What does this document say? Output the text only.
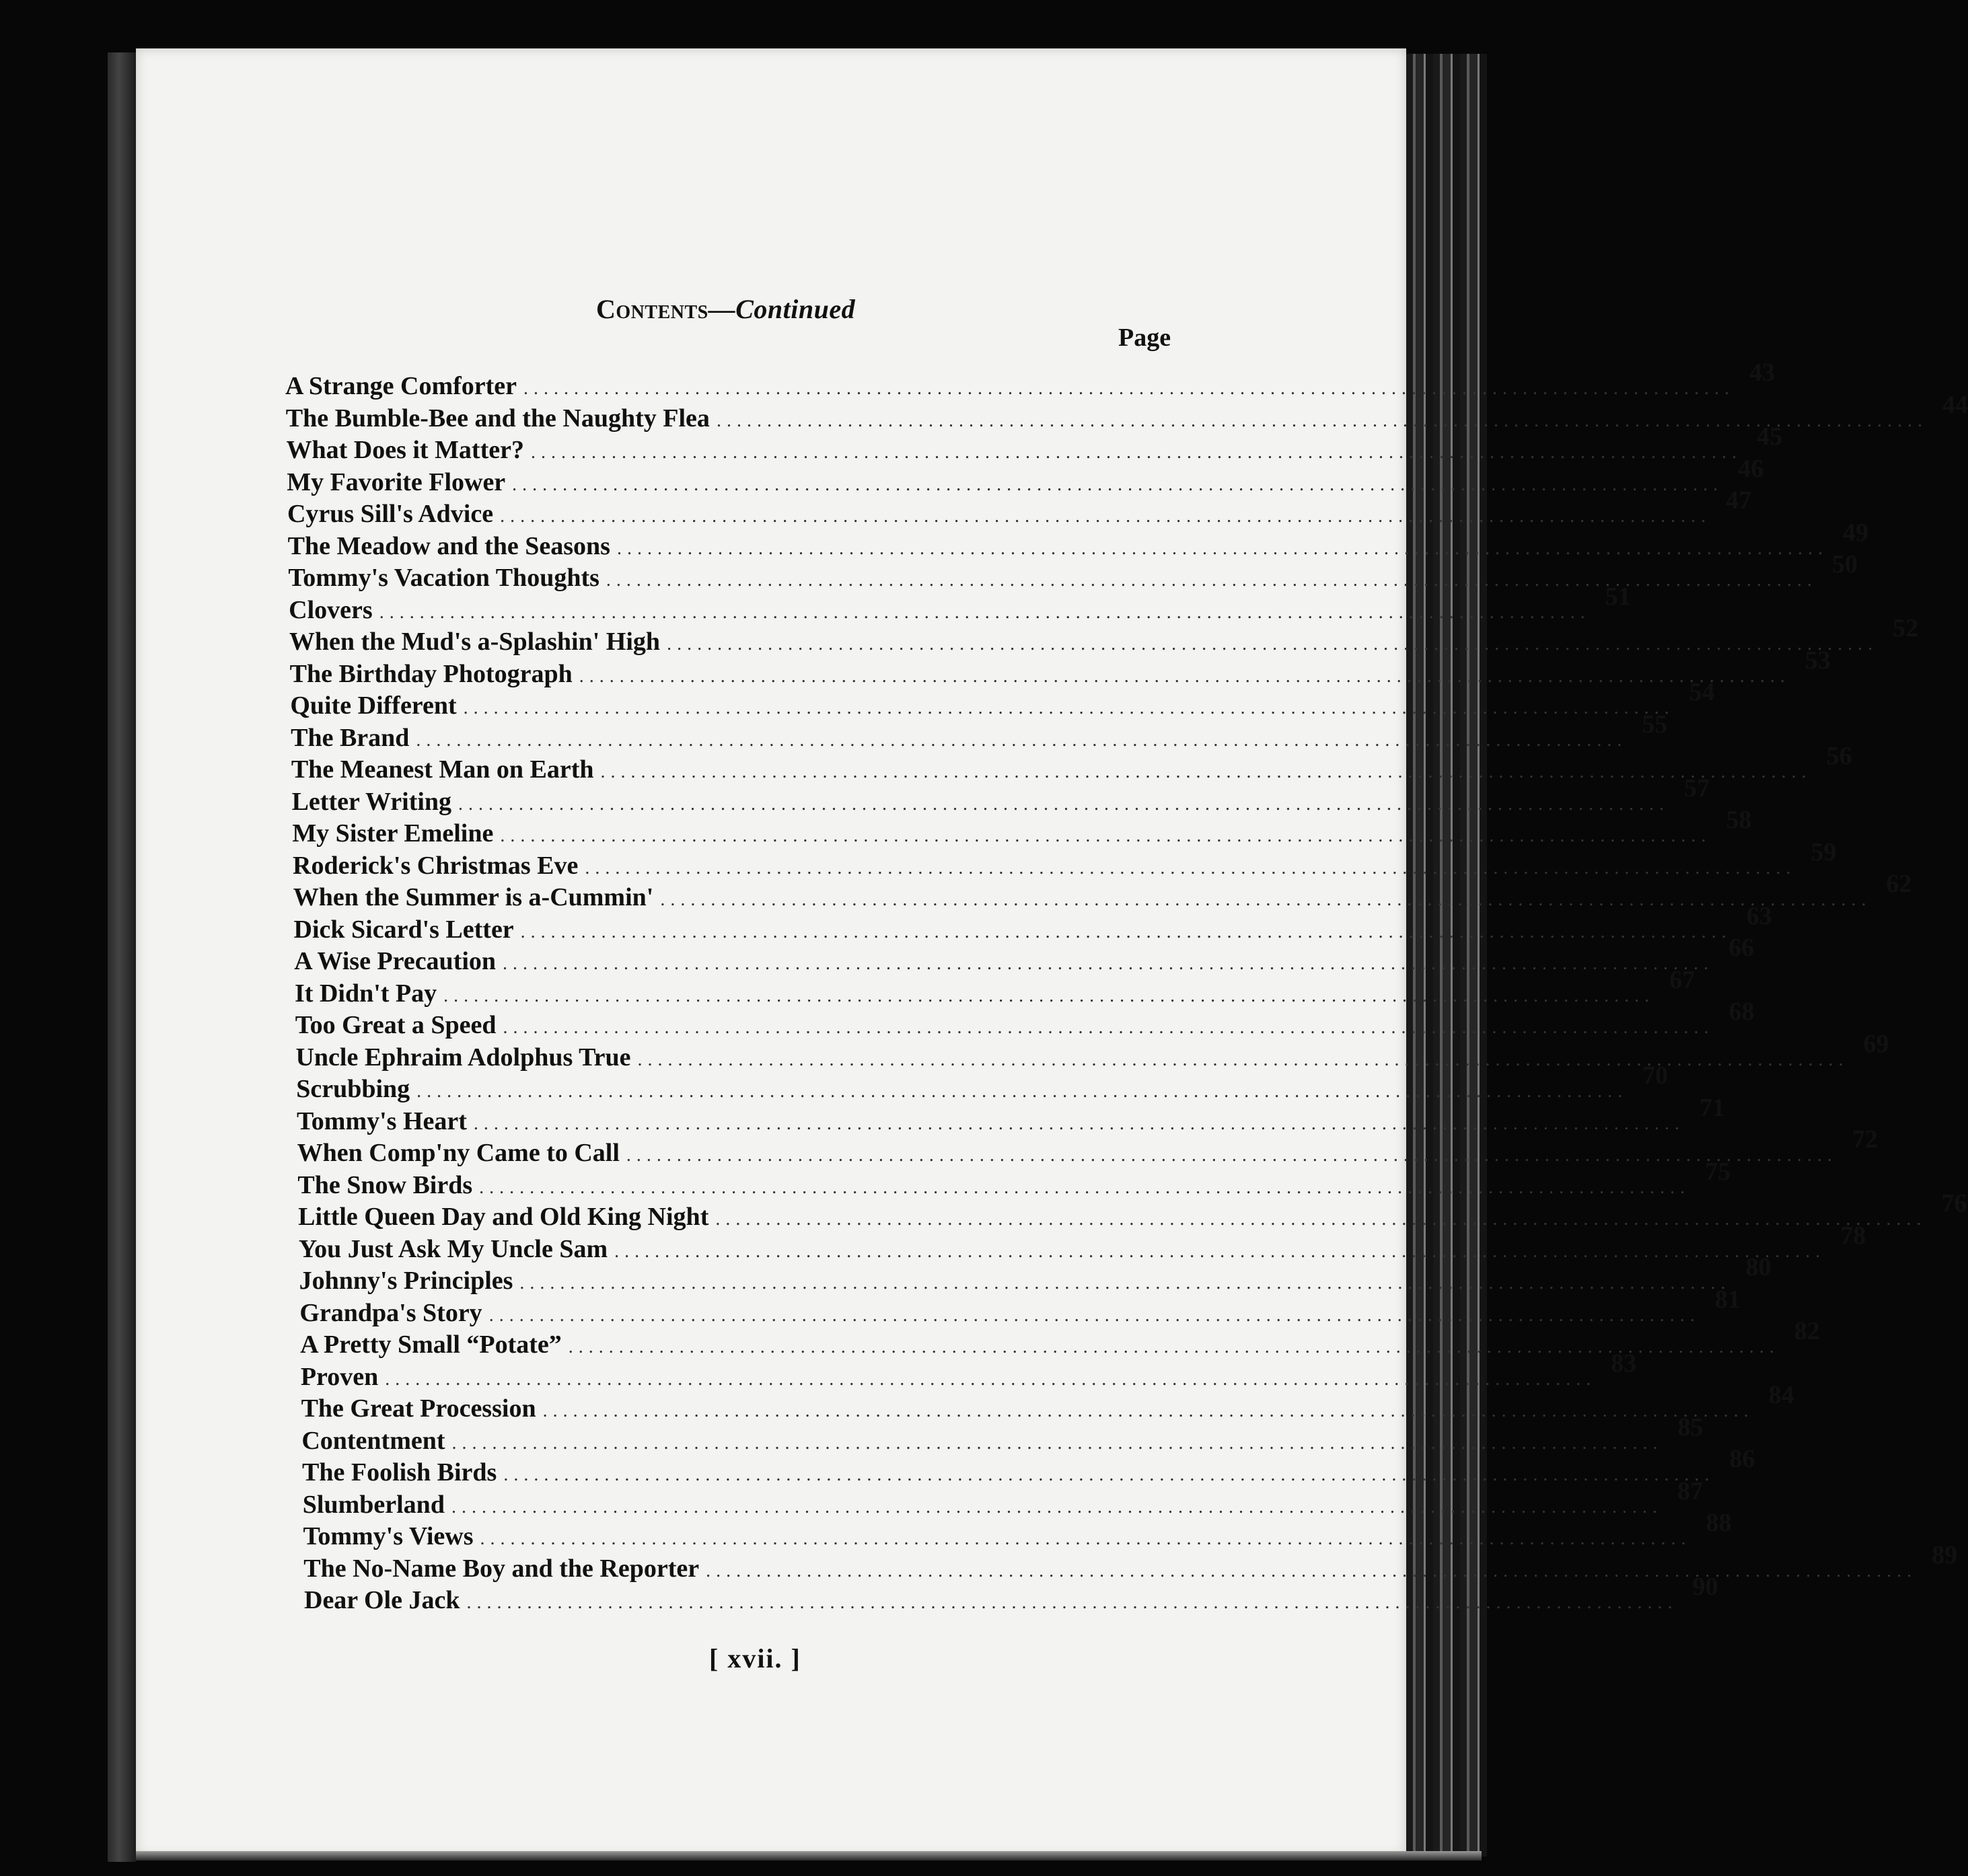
Contents—Continued
Page
A Strange Comforter ........................................................................................................................
43
The Bumble-Bee and the Naughty Flea ........................................................................................................................
44
What Does it Matter? ........................................................................................................................
45
My Favorite Flower ........................................................................................................................
46
Cyrus Sill's Advice ........................................................................................................................
47
The Meadow and the Seasons ........................................................................................................................
49
Tommy's Vacation Thoughts ........................................................................................................................
50
Clovers ........................................................................................................................
51
When the Mud's a-Splashin' High ........................................................................................................................
52
The Birthday Photograph ........................................................................................................................
53
Quite Different ........................................................................................................................
54
The Brand ........................................................................................................................
55
The Meanest Man on Earth ........................................................................................................................
56
Letter Writing ........................................................................................................................
57
My Sister Emeline ........................................................................................................................
58
Roderick's Christmas Eve ........................................................................................................................
59
When the Summer is a-Cummin' ........................................................................................................................
62
Dick Sicard's Letter ........................................................................................................................
63
A Wise Precaution ........................................................................................................................
66
It Didn't Pay ........................................................................................................................
67
Too Great a Speed ........................................................................................................................
68
Uncle Ephraim Adolphus True ........................................................................................................................
69
Scrubbing ........................................................................................................................
70
Tommy's Heart ........................................................................................................................
71
When Comp'ny Came to Call ........................................................................................................................
72
The Snow Birds ........................................................................................................................
75
Little Queen Day and Old King Night ........................................................................................................................
76
You Just Ask My Uncle Sam ........................................................................................................................
78
Johnny's Principles ........................................................................................................................
80
Grandpa's Story ........................................................................................................................
81
A Pretty Small “Potate” ........................................................................................................................
82
Proven ........................................................................................................................
83
The Great Procession ........................................................................................................................
84
Contentment ........................................................................................................................
85
The Foolish Birds ........................................................................................................................
86
Slumberland ........................................................................................................................
87
Tommy's Views ........................................................................................................................
88
The No-Name Boy and the Reporter ........................................................................................................................
89
Dear Ole Jack ........................................................................................................................
90
[ xvii. ]
